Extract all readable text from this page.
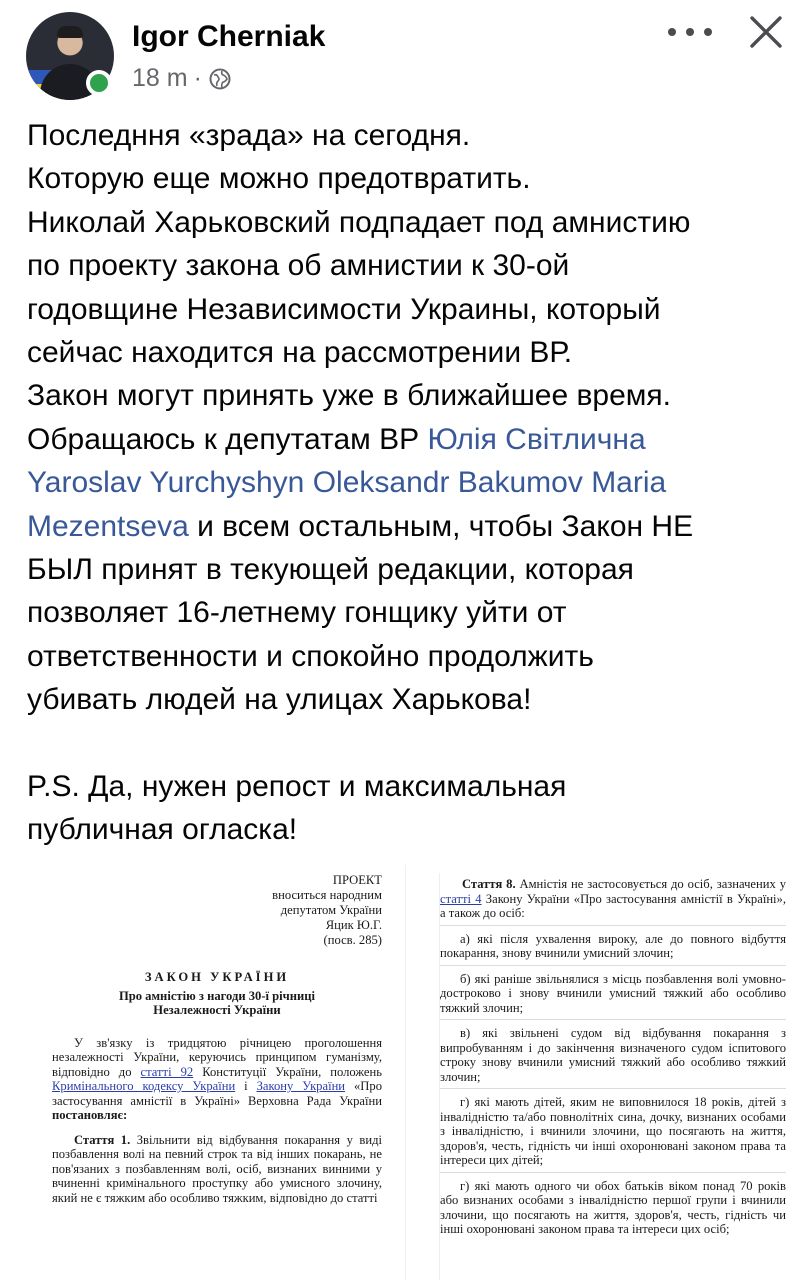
Igor Cherniak
18 m ·

Последння «зрада» на сегодня.

Которую еще можно предотвратить.

Николай Харьковский подпадает под амнистию

по проекту закона об амнистии к 30-ой

годовщине Независимости Украины, который

сейчас находится на рассмотрении ВР.

Закон могут принять уже в ближайшее время.

Обращаюсь к депутатам ВР Юлія Світлична

Yaroslav Yurchyshyn Oleksandr Bakumov Maria

Mezentseva и всем остальным, чтобы Закон НЕ

БЫЛ принят в текующей редакции, которая

позволяет 16-летнему гонщику уйти от

ответственности и спокойно продолжить

убивать людей на улицах Харькова!

P.S. Да, нужен репост и максимальная

публичная огласка!

ПРОЕКТ
вноситься народним
депутатом України
Яцик Ю.Г.
(посв. 285)
ЗАКОН УКРАЇНИ
Про амністію з нагоди 30-ї річниці
Незалежності України
У зв'язку із тридцятою річницею проголошення незалежності України, керуючись принципом гуманізму, відповідно до статті 92 Конституції України, положень Кримінального кодексу України і Закону України «Про застосування амністії в Україні» Верховна Рада України постановляє:
Стаття 1. Звільнити від відбування покарання у виді позбавлення волі на певний строк та від інших покарань, не пов'язаних з позбавленням волі, осіб, визнаних винними у вчиненні кримінального проступку або умисного злочину, який не є тяжким або особливо тяжким, відповідно до статті
Стаття 8. Амністія не застосовується до осіб, зазначених у статті 4 Закону України «Про застосування амністії в Україні», а також до осіб:
а) які після ухвалення вироку, але до повного відбуття покарання, знову вчинили умисний злочин;
б) які раніше звільнялися з місць позбавлення волі умовно-достроково і знову вчинили умисний тяжкий або особливо тяжкий злочин;
в) які звільнені судом від відбування покарання з випробуванням і до закінчення визначеного судом іспитового строку знову вчинили умисний тяжкий або особливо тяжкий злочин;
г) які мають дітей, яким не виповнилося 18 років, дітей з інвалідністю та/або повнолітніх сина, дочку, визнаних особами з інвалідністю, і вчинили злочини, що посягають на життя, здоров'я, честь, гідність чи інші охоронювані законом права та інтереси цих дітей;
г) які мають одного чи обох батьків віком понад 70 років або визнаних особами з інвалідністю першої групи і вчинили злочини, що посягають на життя, здоров'я, честь, гідність чи інші охоронювані законом права та інтереси цих осіб;
